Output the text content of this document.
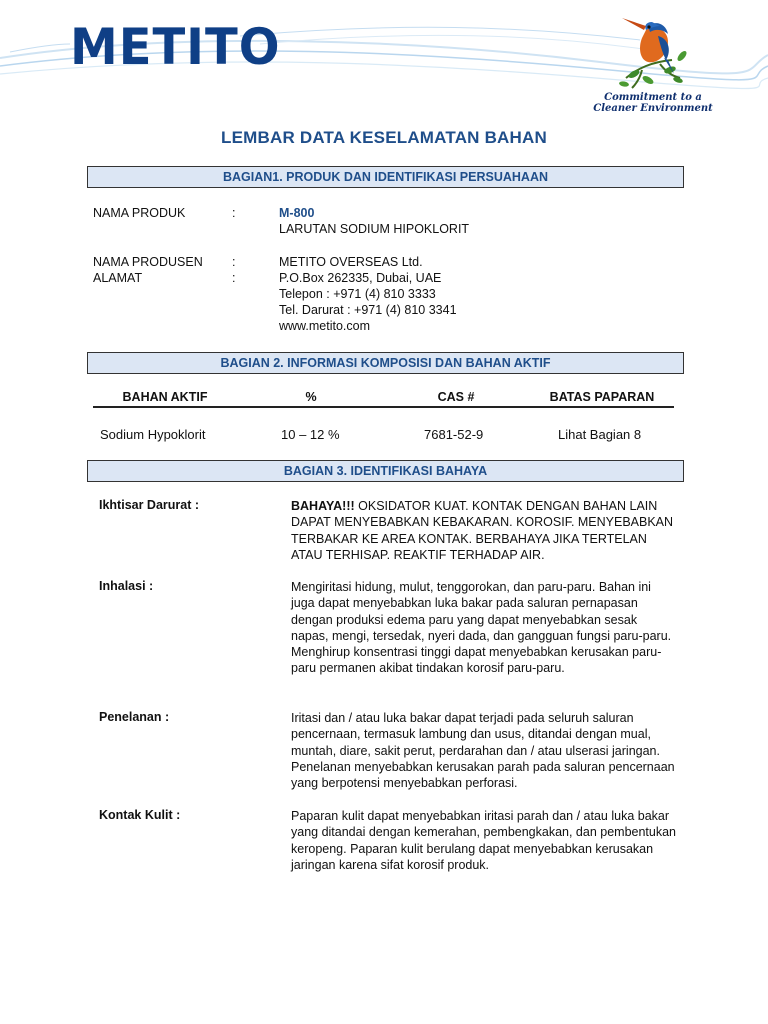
METITO
Commitment to a
Cleaner Environment
LEMBAR DATA KESELAMATAN BAHAN
BAGIAN1. PRODUK DAN IDENTIFIKASI PERSUAHAAN
NAMA PRODUK	:	M-800
LARUTAN SODIUM HIPOKLORIT
NAMA PRODUSEN :	METITO OVERSEAS Ltd.
ALAMAT	:	P.O.Box 262335, Dubai, UAE
Telepon : +971 (4) 810 3333
Tel. Darurat : +971 (4) 810 3341
www.metito.com
BAGIAN 2. INFORMASI KOMPOSISI DAN BAHAN AKTIF
BAHAN AKTIF	%	CAS #	BATAS PAPARAN
Sodium Hypoklorit	10 – 12 %	7681-52-9	Lihat Bagian 8
BAGIAN 3. IDENTIFIKASI BAHAYA
Ikhtisar Darurat :	BAHAYA!!! OKSIDATOR KUAT. KONTAK DENGAN BAHAN LAIN DAPAT MENYEBABKAN KEBAKARAN. KOROSIF. MENYEBABKAN TERBAKAR KE AREA KONTAK. BERBAHAYA JIKA TERTELAN ATAU TERHISAP. REAKTIF TERHADAP AIR.
Inhalasi :	Mengiritasi hidung, mulut, tenggorokan, dan paru-paru. Bahan ini juga dapat menyebabkan luka bakar pada saluran pernapasan dengan produksi edema paru yang dapat menyebabkan sesak napas, mengi, tersedak, nyeri dada, dan gangguan fungsi paru-paru. Menghirup konsentrasi tinggi dapat menyebabkan kerusakan paru-paru permanen akibat tindakan korosif paru-paru.
Penelanan :	Iritasi dan / atau luka bakar dapat terjadi pada seluruh saluran pencernaan, termasuk lambung dan usus, ditandai dengan mual, muntah, diare, sakit perut, perdarahan dan / atau ulserasi jaringan. Penelanan menyebabkan kerusakan parah pada saluran pencernaan yang berpotensi menyebabkan perforasi.
Kontak Kulit :	Paparan kulit dapat menyebabkan iritasi parah dan / atau luka bakar yang ditandai dengan kemerahan, pembengkakan, dan pembentukan keropeng. Paparan kulit berulang dapat menyebabkan kerusakan jaringan karena sifat korosif produk.
